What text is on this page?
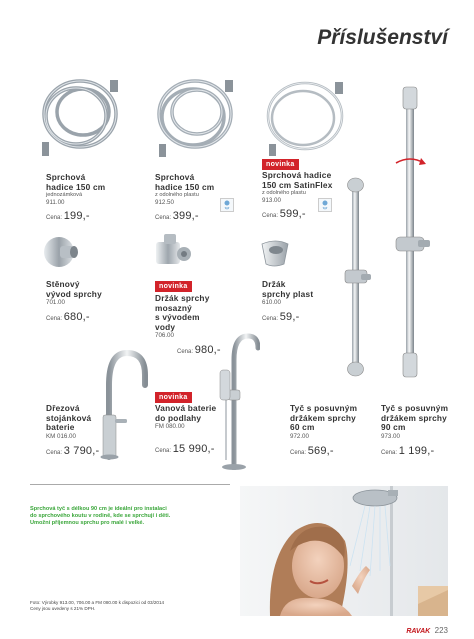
Příslušenství
Sprchová
hadice 150 cm
jednozámková
911.00
Cena: 199,-
Sprchová
hadice 150 cm
z odolného plastu
912.50
Cena: 399,-
novinka
Sprchová hadice
150 cm SatinFlex
z odolného plastu
913.00
Cena: 599,-
Stěnový
vývod sprchy
701.00
Cena: 680,-
novinka
Držák sprchy
mosazný
s vývodem
vody
706.00
Cena: 980,-
Držák
sprchy plast
610.00
Cena: 59,-
Dřezová
stojánková
baterie
KM 016.00
Cena: 3 790,-
novinka
Vanová baterie
do podlahy
FM 080.00
Cena: 15 990,-
Tyč s posuvným
držákem sprchy
60 cm
972.00
Cena: 569,-
Tyč s posuvným
držákem sprchy
90 cm
973.00
Cena: 1 199,-
Sprchová tyč s délkou 90 cm je ideální pro instalaci
do sprchového koutu v rodině, kde se sprchují i děti.
Umožní příjemnou sprchu pro malé i velké.
Foto: Výrobky 913.00, 706.00 a FM 080.00 k dispozici od 03/2014
Ceny jsou uvedeny s 21% DPH.
RAVAK 223
